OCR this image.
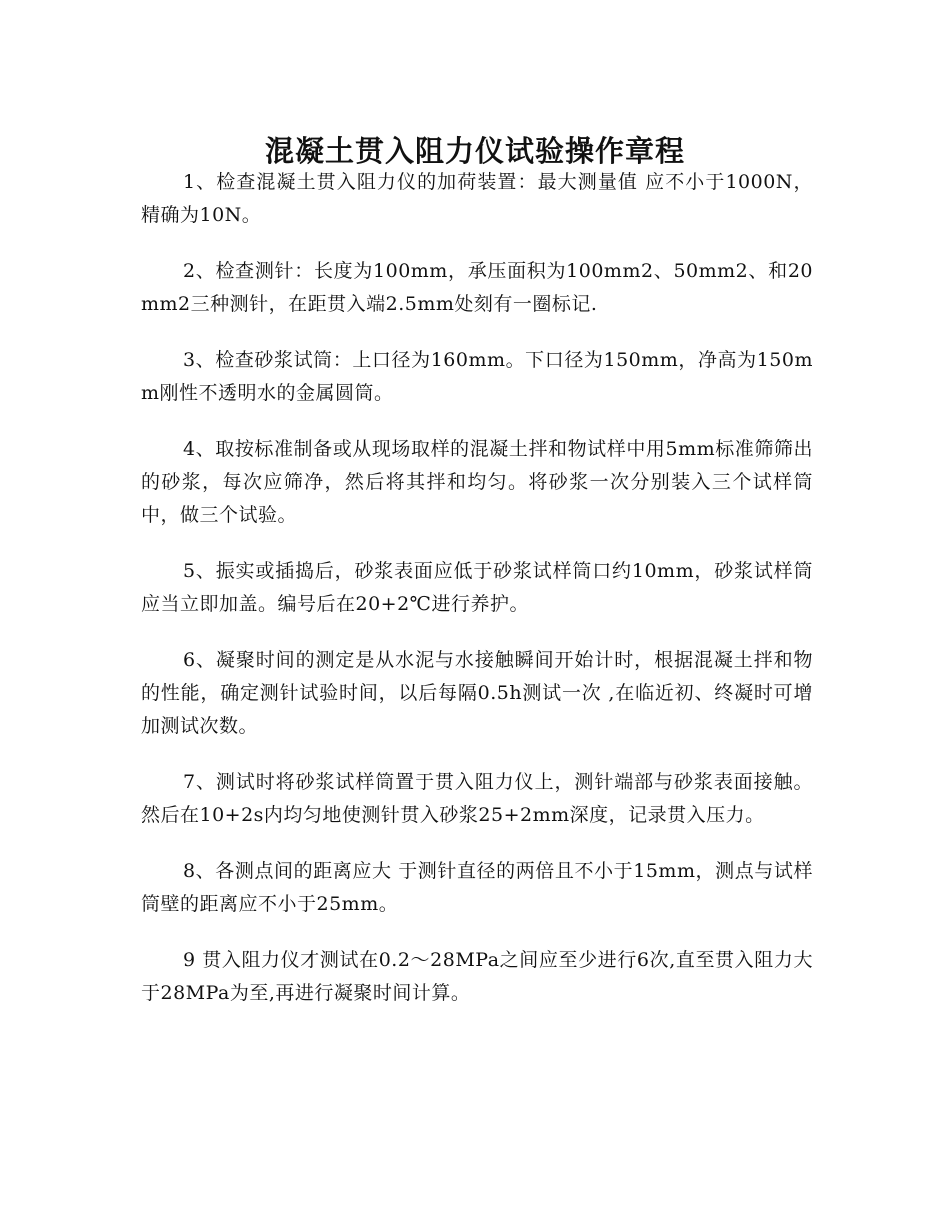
混凝土贯入阻力仪试验操作章程

1、检查混凝土贯入阻力仪的加荷装置：最大测量值 应不小于1000N，精确为10N。

2、检查测针：长度为100mm，承压面积为100mm2、50mm2、和20mm2三种测针，在距贯入端2.5mm处刻有一圈标记.

3、检查砂浆试筒：上口径为160mm。下口径为150mm，净高为150mm刚性不透明水的金属圆筒。

4、取按标准制备或从现场取样的混凝土拌和物试样中用5mm标准筛筛出的砂浆，每次应筛净，然后将其拌和均匀。将砂浆一次分别装入三个试样筒中，做三个试验。

5、振实或插捣后，砂浆表面应低于砂浆试样筒口约10mm，砂浆试样筒应当立即加盖。编号后在20+2℃进行养护。

6、凝聚时间的测定是从水泥与水接触瞬间开始计时，根据混凝土拌和物的性能，确定测针试验时间，以后每隔0.5h测试一次 ,在临近初、终凝时可增加测试次数。

7、测试时将砂浆试样筒置于贯入阻力仪上，测针端部与砂浆表面接触。然后在10+2s内均匀地使测针贯入砂浆25+2mm深度，记录贯入压力。

8、各测点间的距离应大 于测针直径的两倍且不小于15mm，测点与试样筒壁的距离应不小于25mm。

9 贯入阻力仪才测试在0.2～28MPa之间应至少进行6次,直至贯入阻力大于28MPa为至,再进行凝聚时间计算。
